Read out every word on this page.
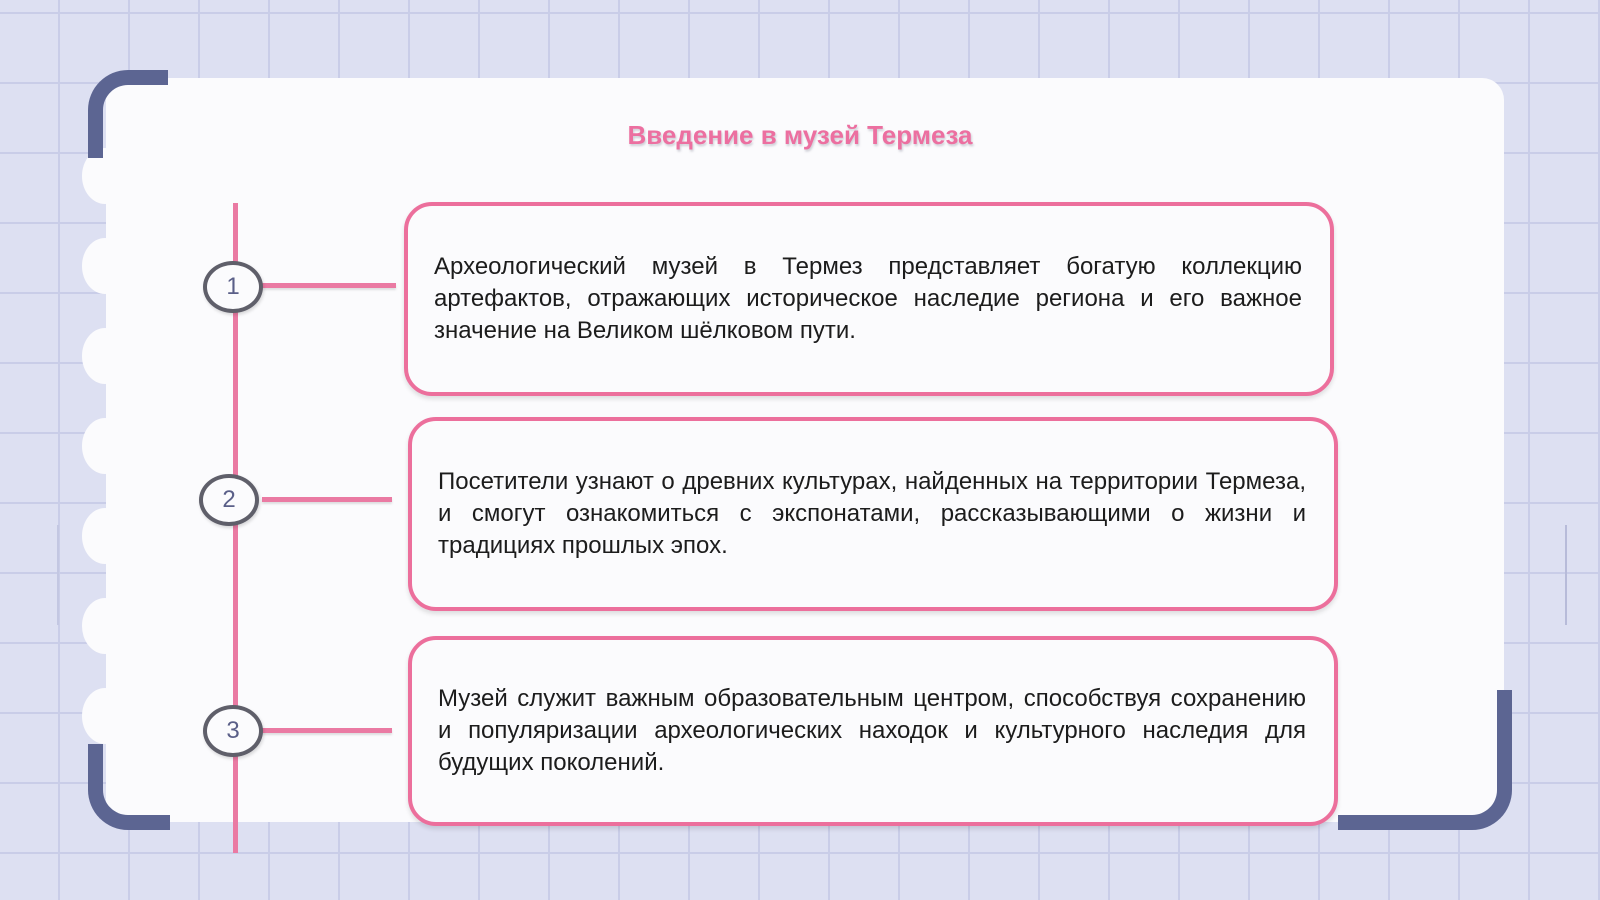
Введение в музей Термеза
1

Археологический музей в Термез представляет богатую коллекцию артефактов, отражающих историческое наследие региона и его важное значение на Великом шёлковом пути.

2

Посетители узнают о древних культурах, найденных на территории Термеза, и смогут ознакомиться с экспонатами, рассказывающими о жизни и традициях прошлых эпох.

3

Музей служит важным образовательным центром, способствуя сохранению и популяризации археологических находок и культурного наследия для будущих поколений.
